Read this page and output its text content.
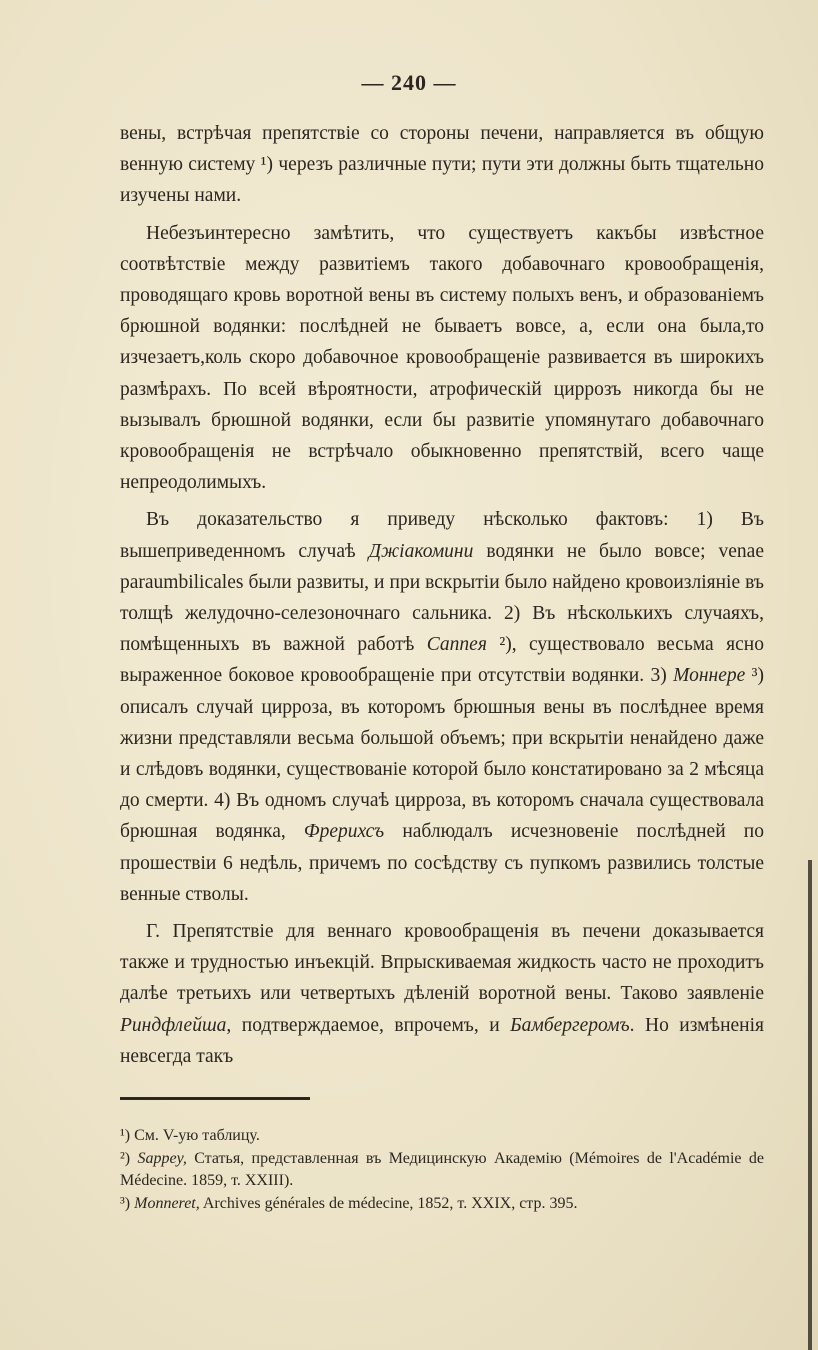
— 240 —

вены, встрѣчая препятствіе со стороны печени, направляется въ общую венную систему ¹) черезъ различные пути; пути эти должны быть тщательно изучены нами.

Небезъинтересно замѣтить, что существуетъ какъбы извѣстное соотвѣтствіе между развитіемъ такого добавочнаго кровообращенія, проводящаго кровь воротной вены въ систему полыхъ венъ, и образованіемъ брюшной водянки: послѣдней не бываетъ вовсе, а, если она была,то изчезаетъ,коль скоро добавочное кровообращеніе развивается въ широкихъ размѣрахъ. По всей вѣроятности, атрофическій циррозъ никогда бы не вызывалъ брюшной водянки, если бы развитіе упомянутаго добавочнаго кровообращенія не встрѣчало обыкновенно препятствій, всего чаще непреодолимыхъ.

Въ доказательство я приведу нѣсколько фактовъ: 1) Въ вышеприведенномъ случаѣ Джіакомини водянки не было вовсе; venae paraumbilicales были развиты, и при вскрытіи было найдено кровоизліяніе въ толщѣ желудочно-селезоночнаго сальника. 2) Въ нѣсколькихъ случаяхъ, помѣщенныхъ въ важной работѣ Саппея ²), существовало весьма ясно выраженное боковое кровообращеніе при отсутствіи водянки. 3) Моннере ³) описалъ случай цирроза, въ которомъ брюшныя вены въ послѣднее время жизни представляли весьма большой объемъ; при вскрытіи ненайдено даже и слѣдовъ водянки, существованіе которой было констатировано за 2 мѣсяца до смерти. 4) Въ одномъ случаѣ цирроза, въ которомъ сначала существовала брюшная водянка, Фрерихсъ наблюдалъ исчезновеніе послѣдней по прошествіи 6 недѣль, причемъ по сосѣдству съ пупкомъ развились толстые венные стволы.

Г. Препятствіе для веннаго кровообращенія въ печени доказывается также и трудностью инъекцій. Впрыскиваемая жидкость часто не проходитъ далѣе третьихъ или четвертыхъ дѣленій воротной вены. Таково заявленіе Риндфлейша, подтверждаемое, впрочемъ, и Бамбергеромъ. Но измѣненія невсегда такъ

¹) См. V-ую таблицу.

²) Sappey, Статья, представленная въ Медицинскую Академію (Mémoires de l'Académie de Médecine. 1859, т. XXIII).

³) Monneret, Archives générales de médecine, 1852, т. XXIX, стр. 395.
